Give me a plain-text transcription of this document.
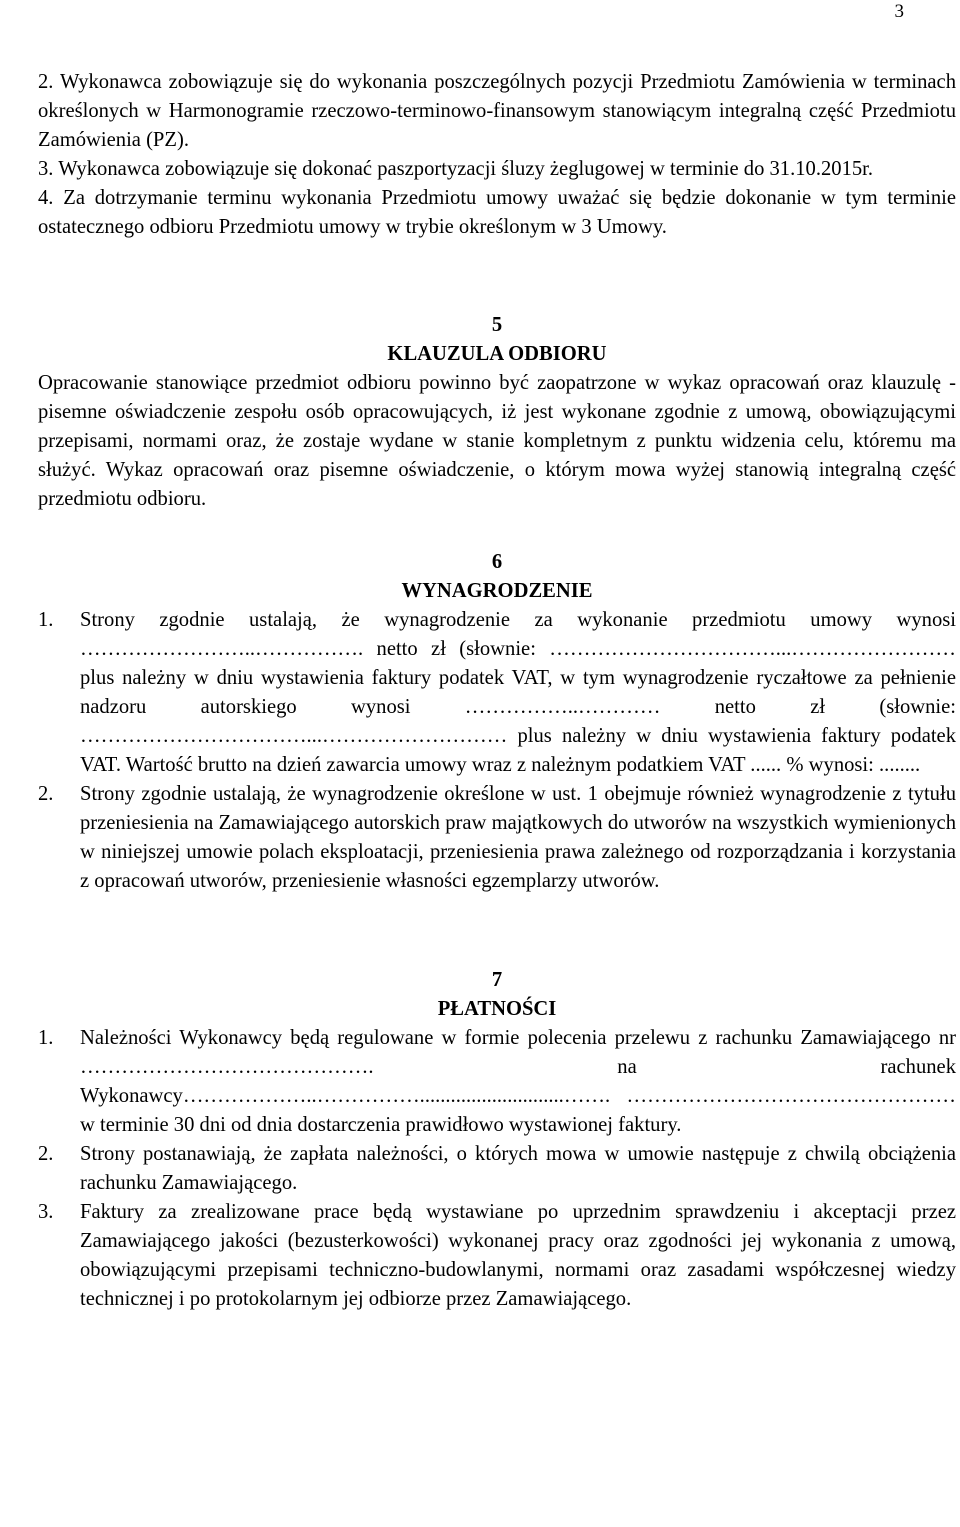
3

2. Wykonawca zobowiązuje się do wykonania poszczególnych pozycji Przedmiotu Zamówienia w terminach określonych w Harmonogramie rzeczowo-terminowo-finansowym stanowiącym integralną część Przedmiotu Zamówienia (PZ).

3. Wykonawca zobowiązuje się dokonać paszportyzacji śluzy żeglugowej w terminie do 31.10.2015r.

4. Za dotrzymanie terminu wykonania Przedmiotu umowy uważać się będzie dokonanie w tym terminie ostatecznego odbioru Przedmiotu umowy w trybie określonym w 3 Umowy.

5

KLAUZULA ODBIORU

Opracowanie stanowiące przedmiot odbioru powinno być zaopatrzone w wykaz opracowań oraz klauzulę - pisemne oświadczenie zespołu osób opracowujących, iż jest wykonane zgodnie z umową, obowiązującymi przepisami, normami oraz, że zostaje wydane w stanie kompletnym z punktu widzenia celu, któremu ma służyć. Wykaz opracowań oraz pisemne oświadczenie, o którym mowa wyżej stanowią integralną część przedmiotu odbioru.

6

WYNAGRODZENIE

1.	Strony zgodnie ustalają, że wynagrodzenie za wykonanie przedmiotu umowy wynosi ……………………..……………. netto zł (słownie: ……………………………...…………………… plus należny w dniu wystawienia faktury podatek VAT, w tym wynagrodzenie ryczałtowe za pełnienie nadzoru autorskiego wynosi ……………..………… netto zł (słownie: ……………………………...……………………… plus należny w dniu wystawienia faktury podatek VAT. Wartość brutto na dzień zawarcia umowy wraz z należnym podatkiem VAT ...... % wynosi: ........
2.	Strony zgodnie ustalają, że wynagrodzenie określone w ust. 1 obejmuje również wynagrodzenie z tytułu przeniesienia na Zamawiającego autorskich praw majątkowych do utworów na wszystkich wymienionych w niniejszej umowie polach eksploatacji, przeniesienia prawa zależnego od rozporządzania i korzystania z opracowań utworów, przeniesienie własności egzemplarzy utworów.

7

PŁATNOŚCI

1.	Należności Wykonawcy będą regulowane w formie polecenia przelewu z rachunku Zamawiającego nr ……………………………………. na rachunek Wykonawcy………………..……………............................……. …………………………………………w terminie 30 dni od dnia dostarczenia prawidłowo wystawionej faktury.
2.	Strony postanawiają, że zapłata należności, o których mowa w umowie następuje z chwilą obciążenia rachunku Zamawiającego.
3.	Faktury za zrealizowane prace będą wystawiane po uprzednim sprawdzeniu i akceptacji przez Zamawiającego jakości (bezusterkowości) wykonanej pracy oraz zgodności jej wykonania z umową, obowiązującymi przepisami techniczno-budowlanymi, normami oraz zasadami współczesnej wiedzy technicznej i po protokolarnym jej odbiorze przez Zamawiającego.
